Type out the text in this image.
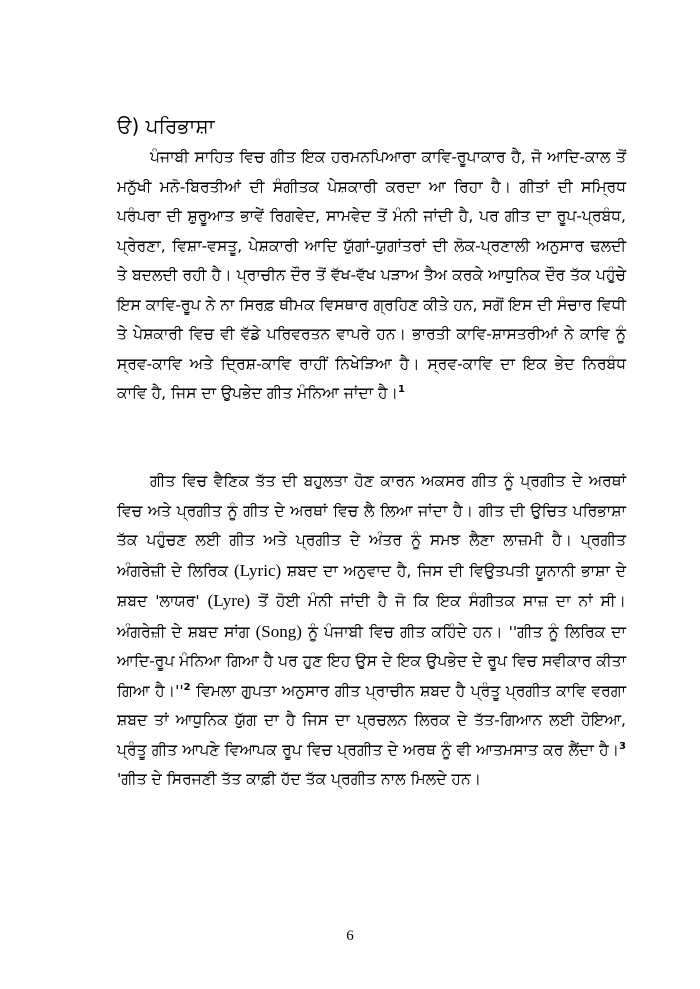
ੳ) ਪਰਿਭਾਸ਼ਾ

ਪੰਜਾਬੀ ਸਾਹਿਤ ਵਿਚ ਗੀਤ ਇਕ ਹਰਮਨਪਿਆਰਾ ਕਾਵਿ-ਰੂਪਾਕਾਰ ਹੈ, ਜੋ ਆਦਿ-ਕਾਲ ਤੋਂ ਮਨੁੱਖੀ ਮਨੋ-ਬਿਰਤੀਆਂ ਦੀ ਸੰਗੀਤਕ ਪੇਸ਼ਕਾਰੀ ਕਰਦਾ ਆ ਰਿਹਾ ਹੈ। ਗੀਤਾਂ ਦੀ ਸਮ੍ਰਿਧ ਪਰੰਪਰਾ ਦੀ ਸ਼ੁਰੂਆਤ ਭਾਵੇਂ ਰਿਗਵੇਦ, ਸਾਮਵੇਦ ਤੋਂ ਮੰਨੀ ਜਾਂਦੀ ਹੈ, ਪਰ ਗੀਤ ਦਾ ਰੂਪ-ਪ੍ਰਬੰਧ, ਪ੍ਰੇਰਣਾ, ਵਿਸ਼ਾ-ਵਸਤੂ, ਪੇਸ਼ਕਾਰੀ ਆਦਿ ਯੁੱਗਾਂ-ਯੁਗਾਂਤਰਾਂ ਦੀ ਲੋਕ-ਪ੍ਰਣਾਲੀ ਅਨੁਸਾਰ ਢਲਦੀ ਤੇ ਬਦਲਦੀ ਰਹੀ ਹੈ। ਪ੍ਰਾਚੀਨ ਦੌਰ ਤੋਂ ਵੱਖ-ਵੱਖ ਪੜਾਅ ਤੈਅ ਕਰਕੇ ਆਧੁਨਿਕ ਦੌਰ ਤੱਕ ਪਹੁੰਚੇ ਇਸ ਕਾਵਿ-ਰੂਪ ਨੇ ਨਾ ਸਿਰਫ਼ ਥੀਮਕ ਵਿਸਥਾਰ ਗ੍ਰਹਿਣ ਕੀਤੇ ਹਨ, ਸਗੋਂ ਇਸ ਦੀ ਸੰਚਾਰ ਵਿਧੀ ਤੇ ਪੇਸ਼ਕਾਰੀ ਵਿਚ ਵੀ ਵੱਡੇ ਪਰਿਵਰਤਨ ਵਾਪਰੇ ਹਨ। ਭਾਰਤੀ ਕਾਵਿ-ਸ਼ਾਸਤਰੀਆਂ ਨੇ ਕਾਵਿ ਨੂੰ ਸ੍ਰਵ-ਕਾਵਿ ਅਤੇ ਦ੍ਰਿਸ਼-ਕਾਵਿ ਰਾਹੀਂ ਨਿਖੇੜਿਆ ਹੈ। ਸ੍ਰਵ-ਕਾਵਿ ਦਾ ਇਕ ਭੇਦ ਨਿਰਬੰਧ ਕਾਵਿ ਹੈ, ਜਿਸ ਦਾ ਉਪਭੇਦ ਗੀਤ ਮੰਨਿਆ ਜਾਂਦਾ ਹੈ।$^1$

ਗੀਤ ਵਿਚ ਵੈਣਿਕ ਤੱਤ ਦੀ ਬਹੁਲਤਾ ਹੋਣ ਕਾਰਨ ਅਕਸਰ ਗੀਤ ਨੂੰ ਪ੍ਰਗੀਤ ਦੇ ਅਰਥਾਂ ਵਿਚ ਅਤੇ ਪ੍ਰਗੀਤ ਨੂੰ ਗੀਤ ਦੇ ਅਰਥਾਂ ਵਿਚ ਲੈ ਲਿਆ ਜਾਂਦਾ ਹੈ। ਗੀਤ ਦੀ ਉਚਿਤ ਪਰਿਭਾਸ਼ਾ ਤੱਕ ਪਹੁੰਚਣ ਲਈ ਗੀਤ ਅਤੇ ਪ੍ਰਗੀਤ ਦੇ ਅੰਤਰ ਨੂੰ ਸਮਝ ਲੈਣਾ ਲਾਜ਼ਮੀ ਹੈ। ਪ੍ਰਗੀਤ ਅੰਗਰੇਜ਼ੀ ਦੇ ਲਿਰਿਕ (Lyric) ਸ਼ਬਦ ਦਾ ਅਨੁਵਾਦ ਹੈ, ਜਿਸ ਦੀ ਵਿਉਤਪਤੀ ਯੂਨਾਨੀ ਭਾਸ਼ਾ ਦੇ ਸ਼ਬਦ 'ਲਾਯਰ' (Lyre) ਤੋਂ ਹੋਈ ਮੰਨੀ ਜਾਂਦੀ ਹੈ ਜੋ ਕਿ ਇਕ ਸੰਗੀਤਕ ਸਾਜ਼ ਦਾ ਨਾਂ ਸੀ। ਅੰਗਰੇਜ਼ੀ ਦੇ ਸ਼ਬਦ ਸਾਂਗ (Song) ਨੂੰ ਪੰਜਾਬੀ ਵਿਚ ਗੀਤ ਕਹਿੰਦੇ ਹਨ। ''ਗੀਤ ਨੂੰ ਲਿਰਿਕ ਦਾ ਆਦਿ-ਰੂਪ ਮੰਨਿਆ ਗਿਆ ਹੈ ਪਰ ਹੁਣ ਇਹ ਉਸ ਦੇ ਇਕ ਉਪਭੇਦ ਦੇ ਰੂਪ ਵਿਚ ਸਵੀਕਾਰ ਕੀਤਾ ਗਿਆ $ਹੈ।''^2$ ਵਿਮਲਾ ਗੁਪਤਾ ਅਨੁਸਾਰ ਗੀਤ ਪ੍ਰਾਚੀਨ ਸ਼ਬਦ ਹੈ ਪ੍ਰੰਤੂ ਪ੍ਰਗੀਤ ਕਾਵਿ ਵਰਗਾ ਸ਼ਬਦ ਤਾਂ ਆਧੁਨਿਕ ਯੁੱਗ ਦਾ ਹੈ ਜਿਸ ਦਾ ਪ੍ਰਚਲਨ ਲਿਰਕ ਦੇ ਤੱਤ-ਗਿਆਨ ਲਈ ਹੋਇਆ, ਪ੍ਰੰਤੂ ਗੀਤ ਆਪਣੇ ਵਿਆਪਕ ਰੂਪ ਵਿਚ ਪ੍ਰਗੀਤ ਦੇ ਅਰਥ ਨੂੰ ਵੀ ਆਤਮਸਾਤ ਕਰ ਲੈਂਦਾ ਹੈ।$^3$ 'ਗੀਤ ਦੇ ਸਿਰਜਣੀ ਤੱਤ ਕਾਫ਼ੀ ਹੱਦ ਤੱਕ ਪ੍ਰਗੀਤ ਨਾਲ ਮਿਲਦੇ ਹਨ।

6
